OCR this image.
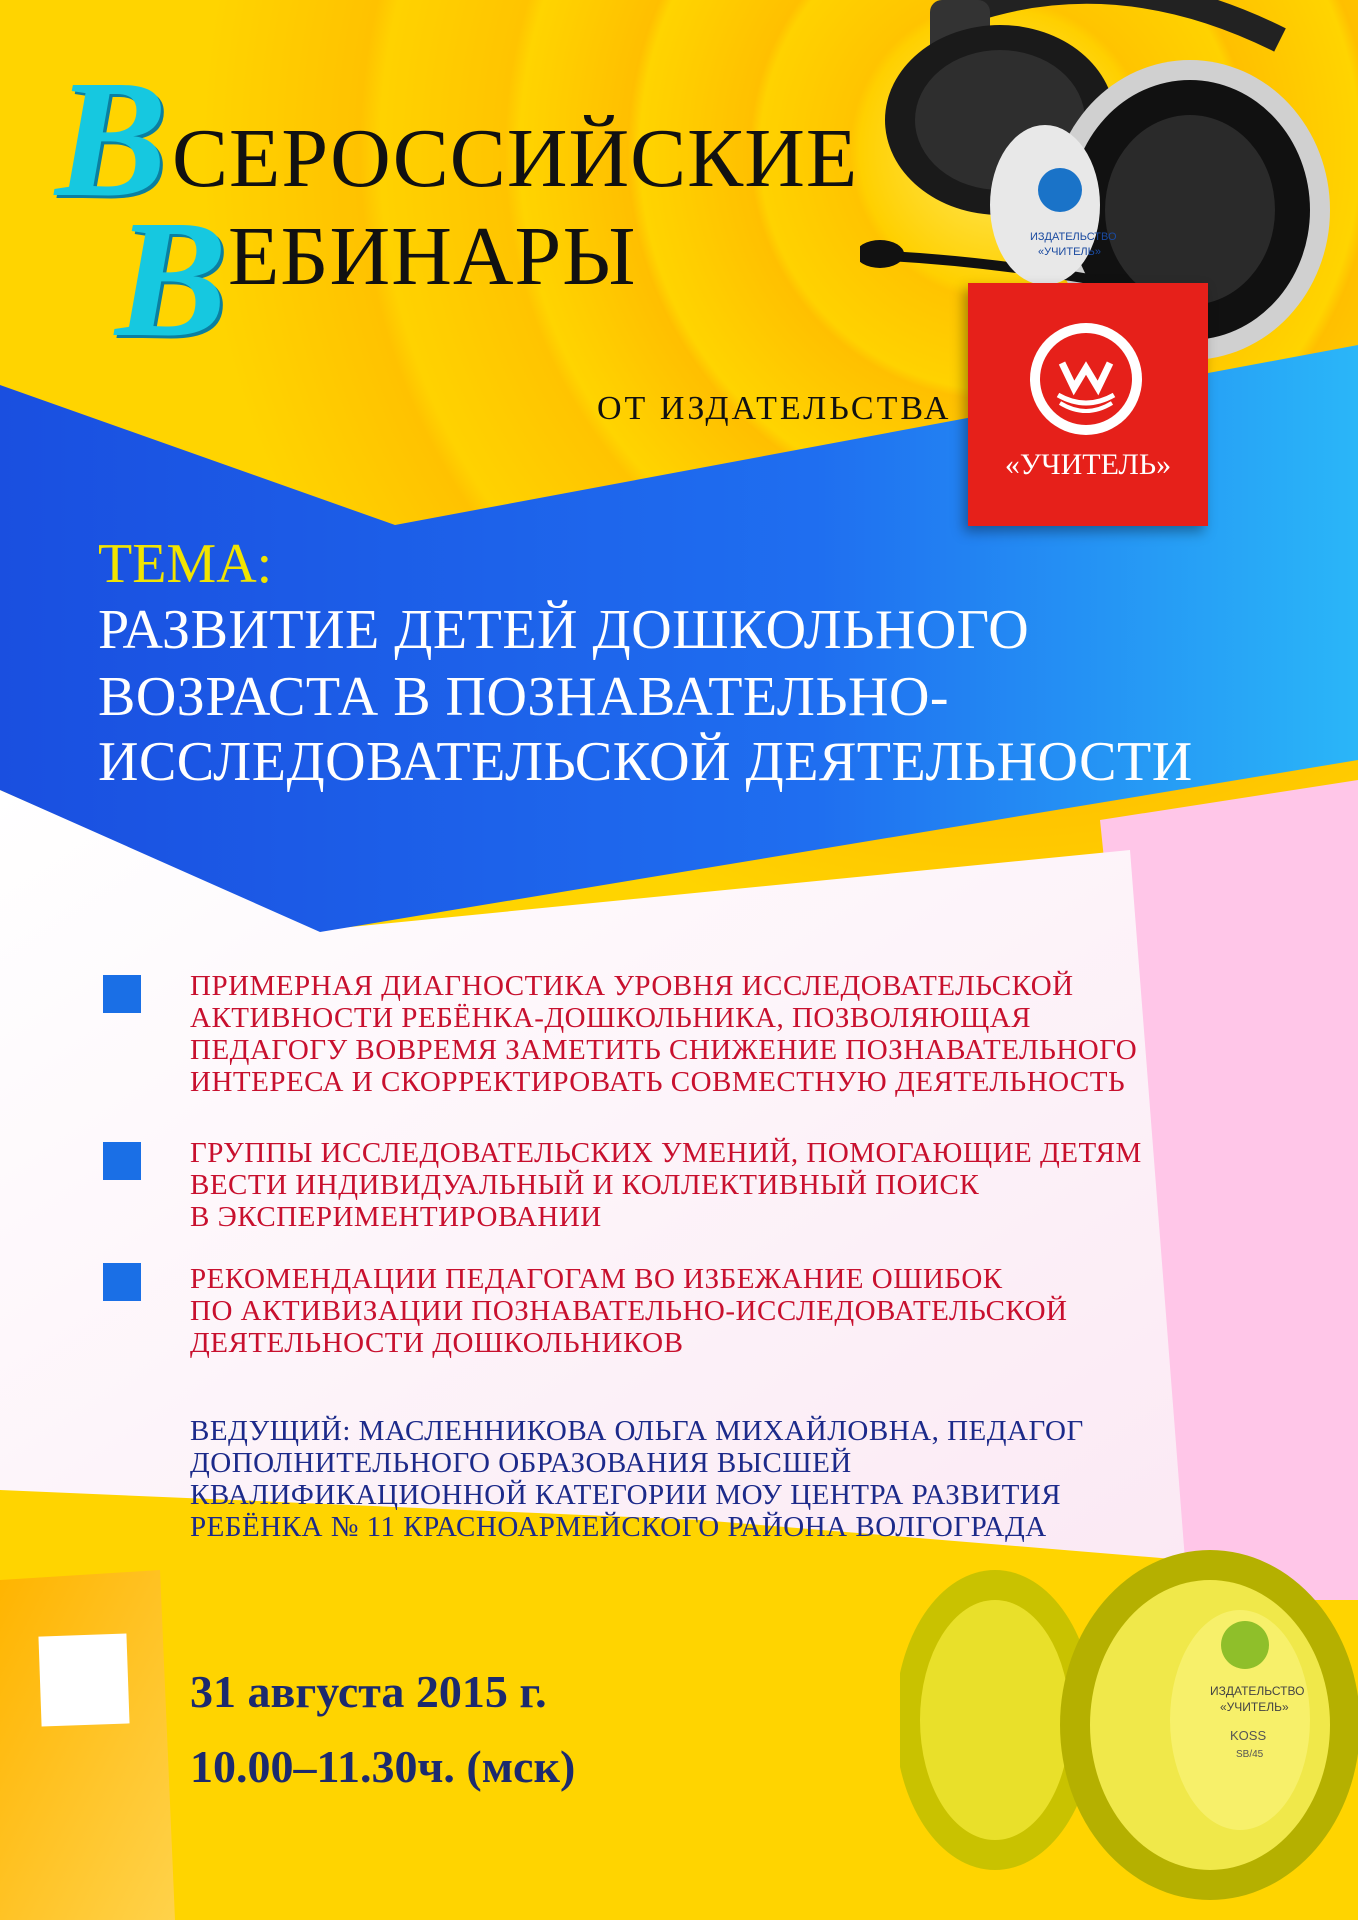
ИЗДАТЕЛЬСТВО
«УЧИТЕЛЬ»
В СЕРОССИЙСКИЕ
В ЕБИНАРЫ
ОТ ИЗДАТЕЛЬСТВА
«УЧИТЕЛЬ»
ТЕМА:
РАЗВИТИЕ ДЕТЕЙ ДОШКОЛЬНОГО
ВОЗРАСТА В ПОЗНАВАТЕЛЬНО-
ИССЛЕДОВАТЕЛЬСКОЙ ДЕЯТЕЛЬНОСТИ
ПРИМЕРНАЯ ДИАГНОСТИКА УРОВНЯ ИССЛЕДОВАТЕЛЬСКОЙ
АКТИВНОСТИ РЕБЁНКА-ДОШКОЛЬНИКА, ПОЗВОЛЯЮЩАЯ
ПЕДАГОГУ ВОВРЕМЯ ЗАМЕТИТЬ СНИЖЕНИЕ ПОЗНАВАТЕЛЬНОГО
ИНТЕРЕСА И СКОРРЕКТИРОВАТЬ СОВМЕСТНУЮ ДЕЯТЕЛЬНОСТЬ
ГРУППЫ ИССЛЕДОВАТЕЛЬСКИХ УМЕНИЙ, ПОМОГАЮЩИЕ ДЕТЯМ
ВЕСТИ ИНДИВИДУАЛЬНЫЙ И КОЛЛЕКТИВНЫЙ ПОИСК
В ЭКСПЕРИМЕНТИРОВАНИИ
РЕКОМЕНДАЦИИ ПЕДАГОГАМ ВО ИЗБЕЖАНИЕ ОШИБОК
ПО АКТИВИЗАЦИИ ПОЗНАВАТЕЛЬНО-ИССЛЕДОВАТЕЛЬСКОЙ
ДЕЯТЕЛЬНОСТИ ДОШКОЛЬНИКОВ
ВЕДУЩИЙ: МАСЛЕННИКОВА ОЛЬГА МИХАЙЛОВНА, ПЕДАГОГ
ДОПОЛНИТЕЛЬНОГО ОБРАЗОВАНИЯ ВЫСШЕЙ
КВАЛИФИКАЦИОННОЙ КАТЕГОРИИ МОУ ЦЕНТРА РАЗВИТИЯ
РЕБЁНКА № 11 КРАСНОАРМЕЙСКОГО РАЙОНА ВОЛГОГРАДА
ИЗДАТЕЛЬСТВО
«УЧИТЕЛЬ»
KOSS
SB/45
31 августа 2015 г.
10.00–11.30ч. (мск)
